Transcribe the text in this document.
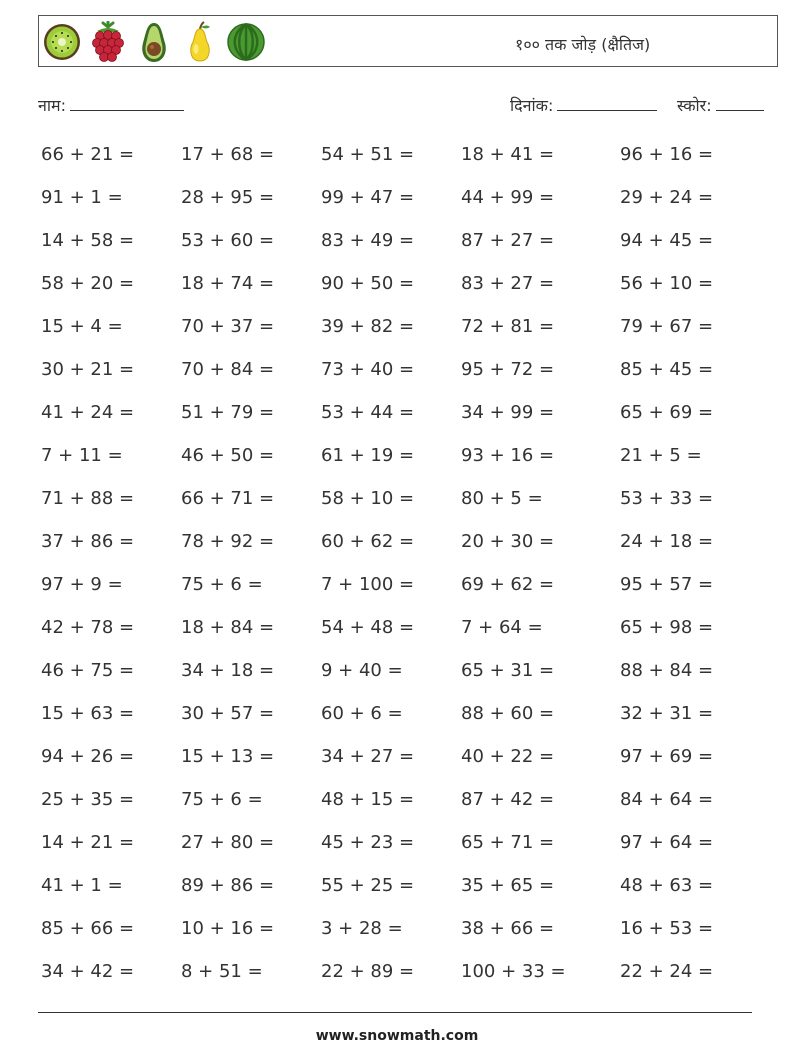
१०० तक जोड़ (क्षैतिज)
नाम:	दिनांक:	स्कोर:
66 + 21 =	17 + 68 =	54 + 51 =	18 + 41 =	96 + 16 =
91 + 1 =	28 + 95 =	99 + 47 =	44 + 99 =	29 + 24 =
14 + 58 =	53 + 60 =	83 + 49 =	87 + 27 =	94 + 45 =
58 + 20 =	18 + 74 =	90 + 50 =	83 + 27 =	56 + 10 =
15 + 4 =	70 + 37 =	39 + 82 =	72 + 81 =	79 + 67 =
30 + 21 =	70 + 84 =	73 + 40 =	95 + 72 =	85 + 45 =
41 + 24 =	51 + 79 =	53 + 44 =	34 + 99 =	65 + 69 =
7 + 11 =	46 + 50 =	61 + 19 =	93 + 16 =	21 + 5 =
71 + 88 =	66 + 71 =	58 + 10 =	80 + 5 =	53 + 33 =
37 + 86 =	78 + 92 =	60 + 62 =	20 + 30 =	24 + 18 =
97 + 9 =	75 + 6 =	7 + 100 =	69 + 62 =	95 + 57 =
42 + 78 =	18 + 84 =	54 + 48 =	7 + 64 =	65 + 98 =
46 + 75 =	34 + 18 =	9 + 40 =	65 + 31 =	88 + 84 =
15 + 63 =	30 + 57 =	60 + 6 =	88 + 60 =	32 + 31 =
94 + 26 =	15 + 13 =	34 + 27 =	40 + 22 =	97 + 69 =
25 + 35 =	75 + 6 =	48 + 15 =	87 + 42 =	84 + 64 =
14 + 21 =	27 + 80 =	45 + 23 =	65 + 71 =	97 + 64 =
41 + 1 =	89 + 86 =	55 + 25 =	35 + 65 =	48 + 63 =
85 + 66 =	10 + 16 =	3 + 28 =	38 + 66 =	16 + 53 =
34 + 42 =	8 + 51 =	22 + 89 =	100 + 33 =	22 + 24 =
www.snowmath.com
